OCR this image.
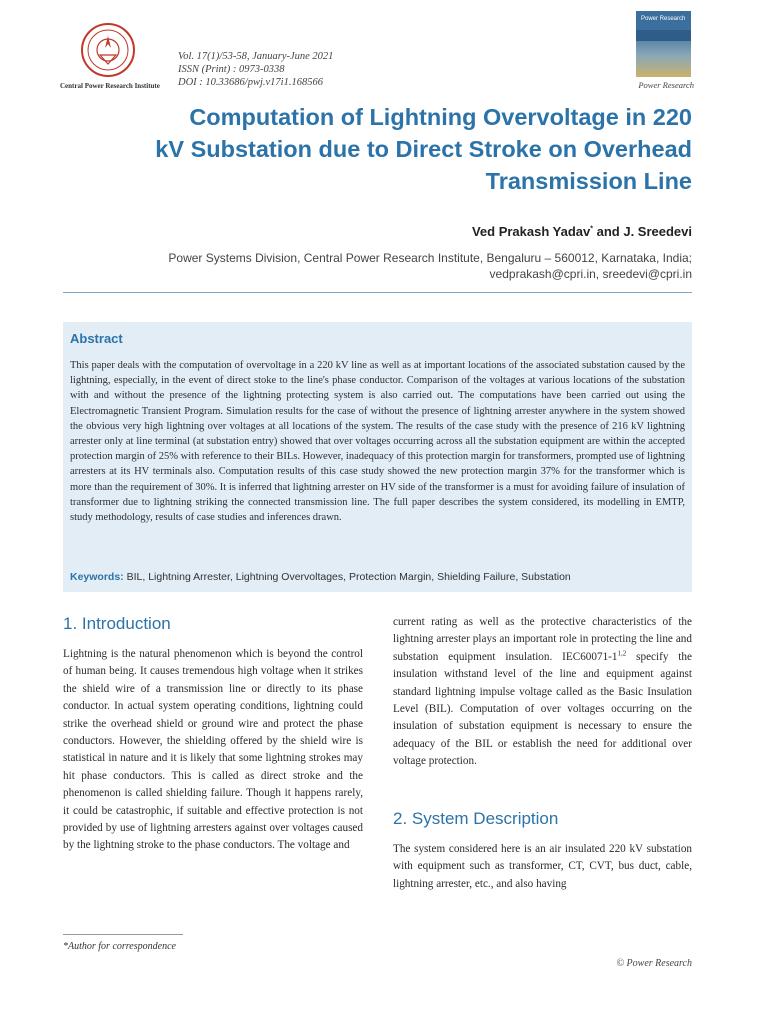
Central Power Research Institute
Vol. 17(1)/53-58, January-June 2021
ISSN (Print) : 0973-0338
DOI : 10.33686/pwj.v17i1.168566
Power Research
Power Research
Computation of Lightning Overvoltage in 220
kV Substation due to Direct Stroke on Overhead
Transmission Line
Ved Prakash Yadav* and J. Sreedevi
Power Systems Division, Central Power Research Institute, Bengaluru – 560012, Karnataka, India;
vedprakash@cpri.in, sreedevi@cpri.in
Abstract
This paper deals with the computation of overvoltage in a 220 kV line as well as at important locations of the associated substation caused by the lightning, especially, in the event of direct stoke to the line's phase conductor. Comparison of the voltages at various locations of the substation with and without the presence of the lightning protecting system is also carried out. The computations have been carried out using the Electromagnetic Transient Program. Simulation results for the case of without the presence of lightning arrester anywhere in the system showed the obvious very high lightning over voltages at all locations of the system. The results of the case study with the presence of 216 kV lightning arrester only at line terminal (at substation entry) showed that over voltages occurring across all the substation equipment are within the accepted protection margin of 25% with reference to their BILs. However, inadequacy of this protection margin for transformers, prompted use of lightning arresters at its HV terminals also. Computation results of this case study showed the new protection margin 37% for the transformer which is more than the requirement of 30%. It is inferred that lightning arrester on HV side of the transformer is a must for avoiding failure of insulation of transformer due to lightning striking the connected transmission line. The full paper describes the system considered, its modelling in EMTP, study methodology, results of case studies and inferences drawn.
Keywords: BIL, Lightning Arrester, Lightning Overvoltages, Protection Margin, Shielding Failure, Substation
1. Introduction
Lightning is the natural phenomenon which is beyond the control of human being. It causes tremendous high voltage when it strikes the shield wire of a transmission line or directly to its phase conductor. In actual system operating conditions, lightning could strike the overhead shield or ground wire and protect the phase conductors. However, the shielding offered by the shield wire is statistical in nature and it is likely that some lightning strokes may hit phase conductors. This is called as direct stroke and the phenomenon is called shielding failure. Though it happens rarely, it could be catastrophic, if suitable and effective protection is not provided by use of lightning arresters against over voltages caused by the lightning stroke to the phase conductors. The voltage and
current rating as well as the protective characteristics of the lightning arrester plays an important role in protecting the line and substation equipment insulation. IEC60071-1$^{1,2}$ specify the insulation withstand level of the line and equipment against standard lightning impulse voltage called as the Basic Insulation Level (BIL). Computation of over voltages occurring on the insulation of substation equipment is necessary to ensure the adequacy of the BIL or establish the need for additional over voltage protection.
2. System Description
The system considered here is an air insulated 220 kV substation with equipment such as transformer, CT, CVT, bus duct, cable, lightning arrester, etc., and also having
*Author for correspondence
© Power Research
